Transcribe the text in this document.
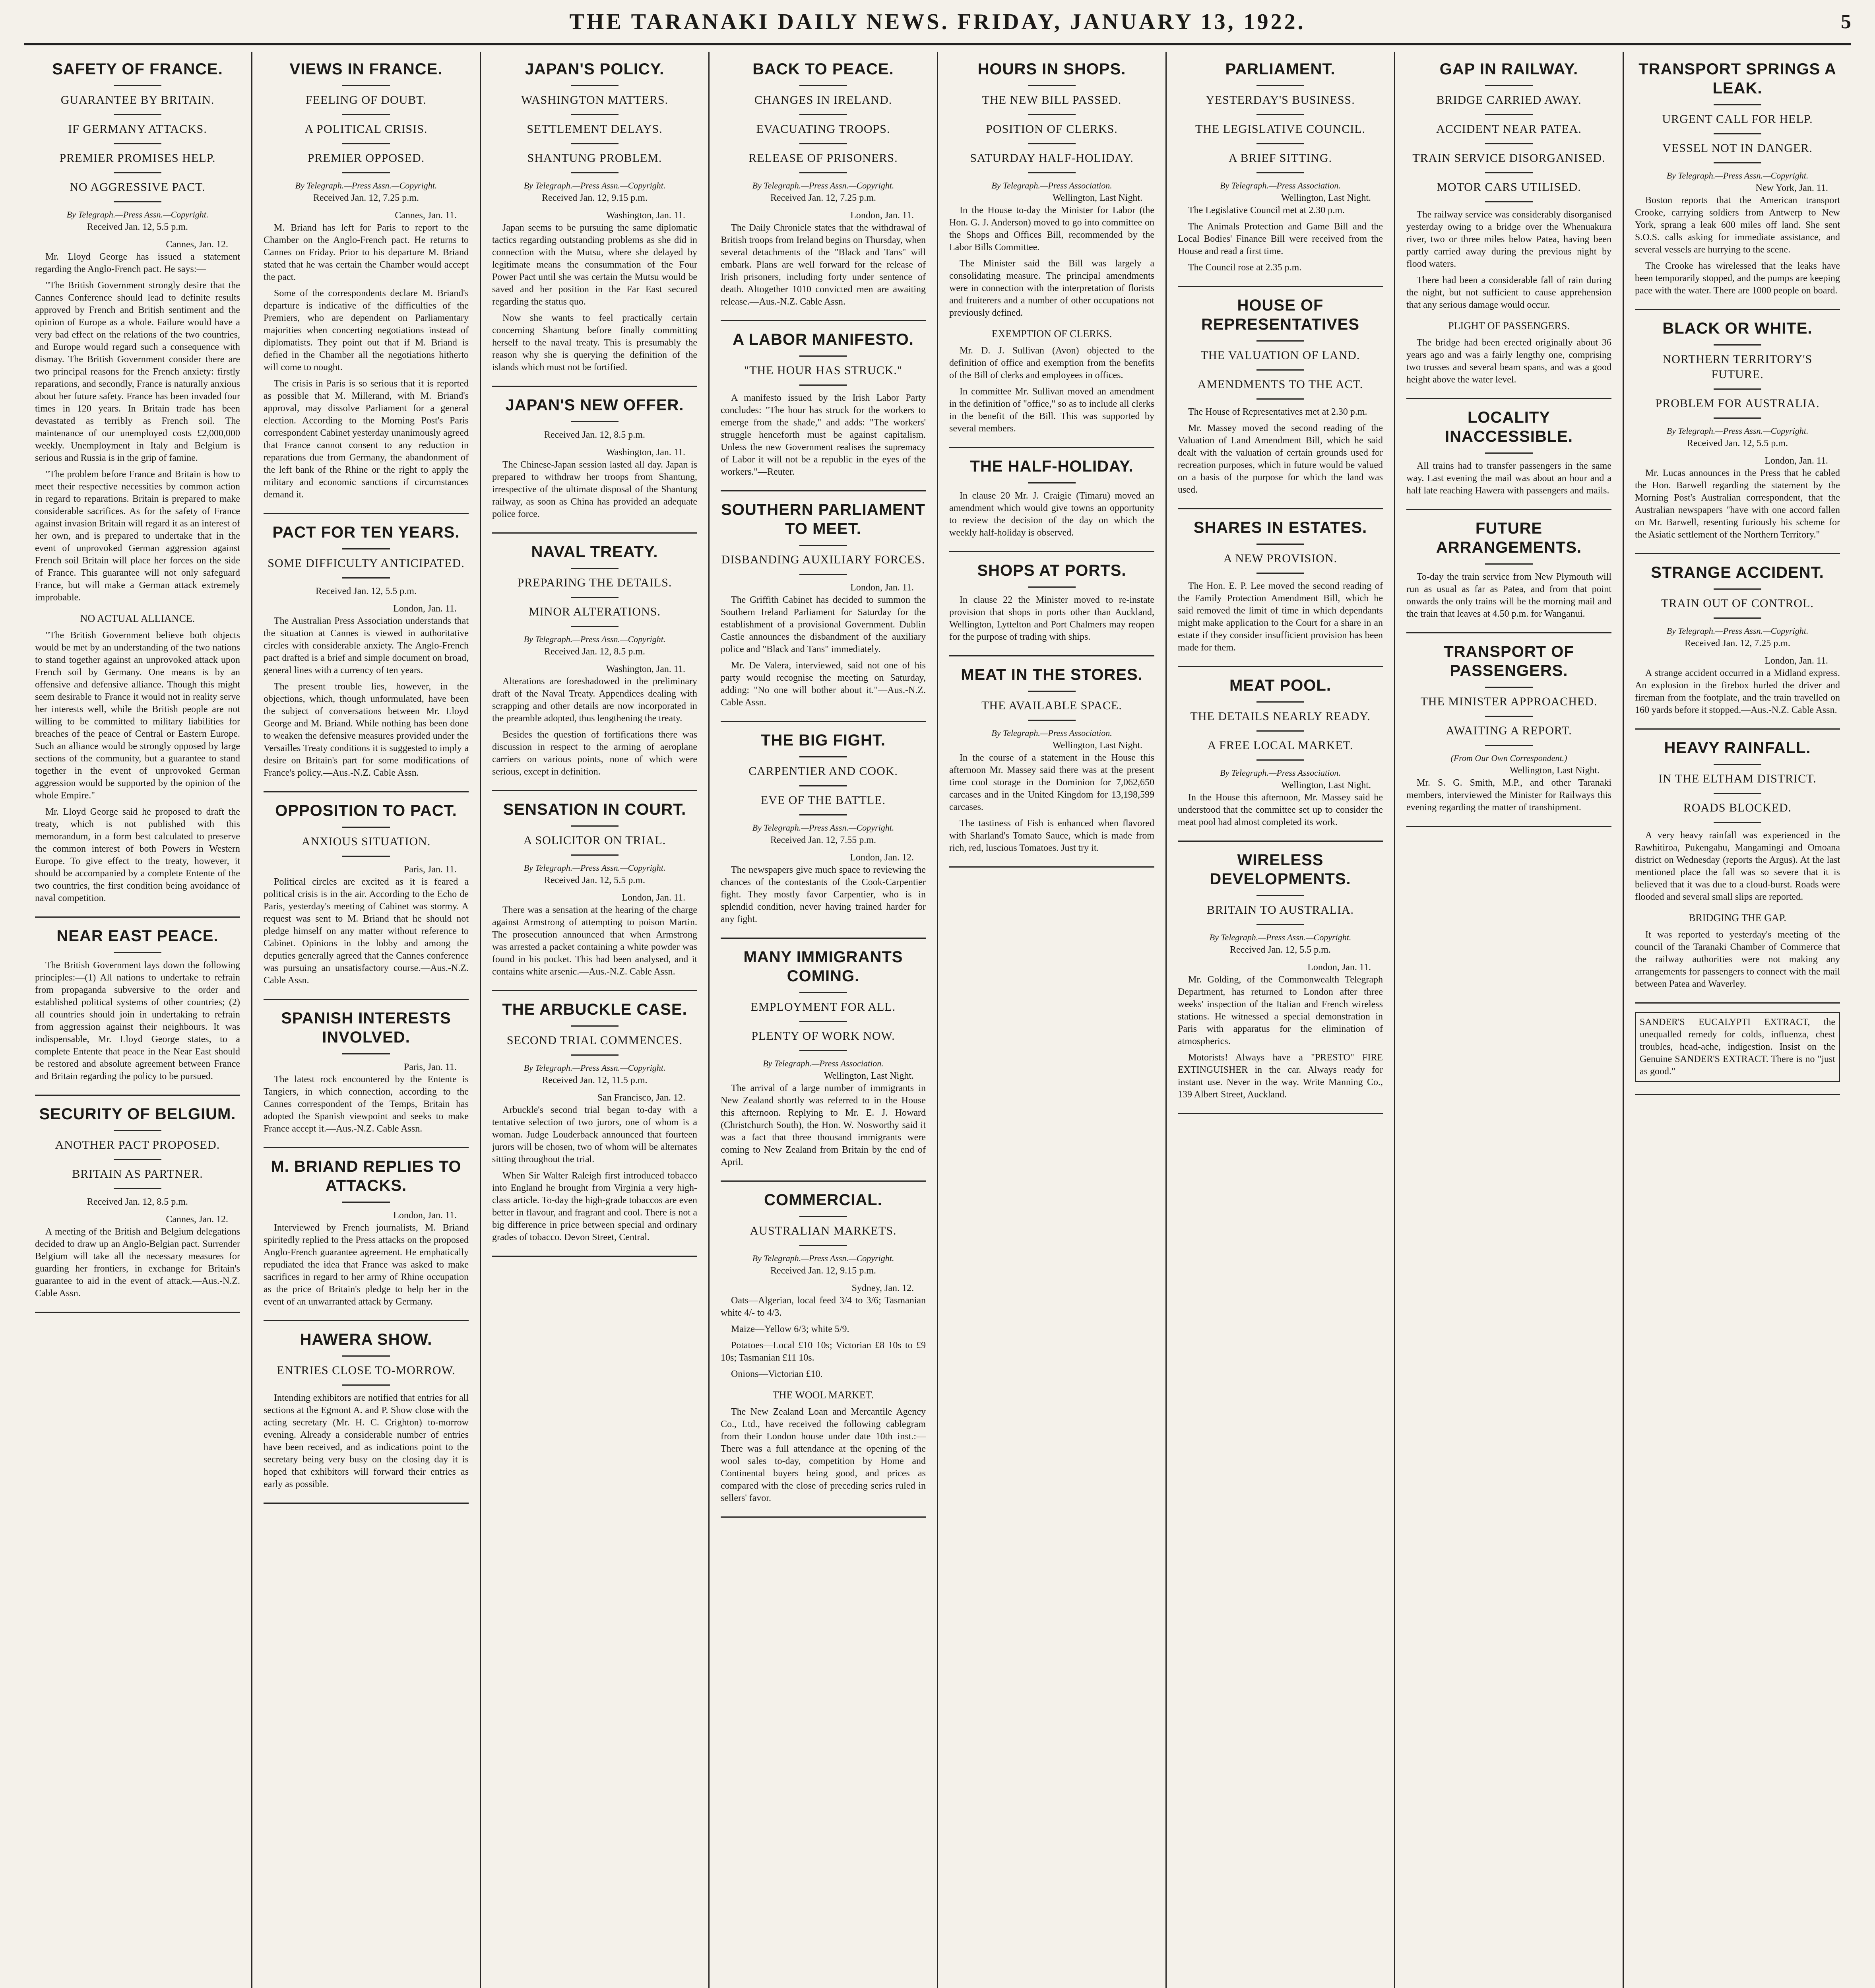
THE TARANAKI DAILY NEWS. FRIDAY, JANUARY 13, 1922.	5
SAFETY OF FRANCE.
GUARANTEE BY BRITAIN.
IF GERMANY ATTACKS.
PREMIER PROMISES HELP.
NO AGGRESSIVE PACT.
By Telegraph.—Press Assn.—Copyright.
Received Jan. 12, 5.5 p.m.
Cannes, Jan. 12.

Mr. Lloyd George has issued a statement regarding the Anglo-French pact. He says:—

"The British Government strongly desire that the Cannes Conference should lead to definite results approved by French and British sentiment and the opinion of Europe as a whole. Failure would have a very bad effect on the relations of the two countries, and Europe would regard such a consequence with dismay. The British Government consider there are two principal reasons for the French anxiety: firstly reparations, and secondly, France is naturally anxious about her future safety. France has been invaded four times in 120 years. In Britain trade has been devastated as terribly as French soil. The maintenance of our unemployed costs £2,000,000 weekly. Unemployment in Italy and Belgium is serious and Russia is in the grip of famine.

"The problem before France and Britain is how to meet their respective necessities by common action in regard to reparations. Britain is prepared to make considerable sacrifices. As for the safety of France against invasion Britain will regard it as an interest of her own, and is prepared to undertake that in the event of unprovoked German aggression against French soil Britain will place her forces on the side of France. This guarantee will not only safeguard France, but will make a German attack extremely improbable.

NO ACTUAL ALLIANCE.

"The British Government believe both objects would be met by an understanding of the two nations to stand together against an unprovoked attack upon French soil by Germany. One means is by an offensive and defensive alliance. Though this might seem desirable to France it would not in reality serve her interests well, while the British people are not willing to be committed to military liabilities for breaches of the peace of Central or Eastern Europe. Such an alliance would be strongly opposed by large sections of the community, but a guarantee to stand together in the event of unprovoked German aggression would be supported by the opinion of the whole Empire."

Mr. Lloyd George said he proposed to draft the treaty, which is not published with this memorandum, in a form best calculated to preserve the common interest of both Powers in Western Europe. To give effect to the treaty, however, it should be accompanied by a complete Entente of the two countries, the first condition being avoidance of naval competition.

NEAR EAST PEACE.

The British Government lays down the following principles:—(1) All nations to undertake to refrain from propaganda subversive to the order and established political systems of other countries; (2) all countries should join in undertaking to refrain from aggression against their neighbours. It was indispensable, Mr. Lloyd George states, to a complete Entente that peace in the Near East should be restored and absolute agreement between France and Britain regarding the policy to be pursued.

SECURITY OF BELGIUM.
ANOTHER PACT PROPOSED.
BRITAIN AS PARTNER.
Received Jan. 12, 8.5 p.m.
Cannes, Jan. 12.

A meeting of the British and Belgium delegations decided to draw up an Anglo-Belgian pact. Surrender Belgium will take all the necessary measures for guarding her frontiers, in exchange for Britain's guarantee to aid in the event of attack.—Aus.-N.Z. Cable Assn.

VIEWS IN FRANCE.
FEELING OF DOUBT.
A POLITICAL CRISIS.
PREMIER OPPOSED.
By Telegraph.—Press Assn.—Copyright.
Received Jan. 12, 7.25 p.m.
Cannes, Jan. 11.

M. Briand has left for Paris to report to the Chamber on the Anglo-French pact. He returns to Cannes on Friday. Prior to his departure M. Briand stated that he was certain the Chamber would accept the pact.

Some of the correspondents declare M. Briand's departure is indicative of the difficulties of the Premiers, who are dependent on Parliamentary majorities when concerting negotiations instead of diplomatists. They point out that if M. Briand is defied in the Chamber all the negotiations hitherto will come to nought.

The crisis in Paris is so serious that it is reported as possible that M. Millerand, with M. Briand's approval, may dissolve Parliament for a general election. According to the Morning Post's Paris correspondent Cabinet yesterday unanimously agreed that France cannot consent to any reduction in reparations due from Germany, the abandonment of the left bank of the Rhine or the right to apply the military and economic sanctions if circumstances demand it.

PACT FOR TEN YEARS.
SOME DIFFICULTY ANTICIPATED.
Received Jan. 12, 5.5 p.m.
London, Jan. 11.

The Australian Press Association understands that the situation at Cannes is viewed in authoritative circles with considerable anxiety. The Anglo-French pact drafted is a brief and simple document on broad, general lines with a currency of ten years.

The present trouble lies, however, in the objections, which, though unformulated, have been the subject of conversations between Mr. Lloyd George and M. Briand. While nothing has been done to weaken the defensive measures provided under the Versailles Treaty conditions it is suggested to imply a desire on Britain's part for some modifications of France's policy.—Aus.-N.Z. Cable Assn.

OPPOSITION TO PACT.
ANXIOUS SITUATION.
Paris, Jan. 11.

Political circles are excited as it is feared a political crisis is in the air. According to the Echo de Paris, yesterday's meeting of Cabinet was stormy. A request was sent to M. Briand that he should not pledge himself on any matter without reference to Cabinet. Opinions in the lobby and among the deputies generally agreed that the Cannes conference was pursuing an unsatisfactory course.—Aus.-N.Z. Cable Assn.

SPANISH INTERESTS INVOLVED.
Paris, Jan. 11.

The latest rock encountered by the Entente is Tangiers, in which connection, according to the Cannes correspondent of the Temps, Britain has adopted the Spanish viewpoint and seeks to make France accept it.—Aus.-N.Z. Cable Assn.

M. BRIAND REPLIES TO ATTACKS.
London, Jan. 11.

Interviewed by French journalists, M. Briand spiritedly replied to the Press attacks on the proposed Anglo-French guarantee agreement. He emphatically repudiated the idea that France was asked to make sacrifices in regard to her army of Rhine occupation as the price of Britain's pledge to help her in the event of an unwarranted attack by Germany.

HAWERA SHOW.
ENTRIES CLOSE TO-MORROW.

Intending exhibitors are notified that entries for all sections at the Egmont A. and P. Show close with the acting secretary (Mr. H. C. Crighton) to-morrow evening. Already a considerable number of entries have been received, and as indications point to the secretary being very busy on the closing day it is hoped that exhibitors will forward their entries as early as possible.

JAPAN'S POLICY.
WASHINGTON MATTERS.
SETTLEMENT DELAYS.
SHANTUNG PROBLEM.
By Telegraph.—Press Assn.—Copyright.
Received Jan. 12, 9.15 p.m.
Washington, Jan. 11.

Japan seems to be pursuing the same diplomatic tactics regarding outstanding problems as she did in connection with the Mutsu, where she delayed by legitimate means the consummation of the Four Power Pact until she was certain the Mutsu would be saved and her position in the Far East secured regarding the status quo.

Now she wants to feel practically certain concerning Shantung before finally committing herself to the naval treaty. This is presumably the reason why she is querying the definition of the islands which must not be fortified.

JAPAN'S NEW OFFER.
Received Jan. 12, 8.5 p.m.
Washington, Jan. 11.

The Chinese-Japan session lasted all day. Japan is prepared to withdraw her troops from Shantung, irrespective of the ultimate disposal of the Shantung railway, as soon as China has provided an adequate police force.

NAVAL TREATY.
PREPARING THE DETAILS.
MINOR ALTERATIONS.
By Telegraph.—Press Assn.—Copyright.
Received Jan. 12, 8.5 p.m.
Washington, Jan. 11.

Alterations are foreshadowed in the preliminary draft of the Naval Treaty. Appendices dealing with scrapping and other details are now incorporated in the preamble adopted, thus lengthening the treaty.

Besides the question of fortifications there was discussion in respect to the arming of aeroplane carriers on various points, none of which were serious, except in definition.

SENSATION IN COURT.
A SOLICITOR ON TRIAL.
By Telegraph.—Press Assn.—Copyright.
Received Jan. 12, 5.5 p.m.
London, Jan. 11.

There was a sensation at the hearing of the charge against Armstrong of attempting to poison Martin. The prosecution announced that when Armstrong was arrested a packet containing a white powder was found in his pocket. This had been analysed, and it contains white arsenic.—Aus.-N.Z. Cable Assn.

THE ARBUCKLE CASE.
SECOND TRIAL COMMENCES.
By Telegraph.—Press Assn.—Copyright.
Received Jan. 12, 11.5 p.m.
San Francisco, Jan. 12.

Arbuckle's second trial began to-day with a tentative selection of two jurors, one of whom is a woman. Judge Louderback announced that fourteen jurors will be chosen, two of whom will be alternates sitting throughout the trial.

When Sir Walter Raleigh first introduced tobacco into England he brought from Virginia a very high-class article. To-day the high-grade tobaccos are even better in flavour, and fragrant and cool. There is not a big difference in price between special and ordinary grades of tobacco. Devon Street, Central.

BACK TO PEACE.
CHANGES IN IRELAND.
EVACUATING TROOPS.
RELEASE OF PRISONERS.
By Telegraph.—Press Assn.—Copyright.
Received Jan. 12, 7.25 p.m.
London, Jan. 11.

The Daily Chronicle states that the withdrawal of British troops from Ireland begins on Thursday, when several detachments of the "Black and Tans" will embark. Plans are well forward for the release of Irish prisoners, including forty under sentence of death. Altogether 1010 convicted men are awaiting release.—Aus.-N.Z. Cable Assn.

A LABOR MANIFESTO.
"THE HOUR HAS STRUCK."

A manifesto issued by the Irish Labor Party concludes: "The hour has struck for the workers to emerge from the shade," and adds: "The workers' struggle henceforth must be against capitalism. Unless the new Government realises the supremacy of Labor it will not be a republic in the eyes of the workers."—Reuter.

SOUTHERN PARLIAMENT TO MEET.
DISBANDING AUXILIARY FORCES.
London, Jan. 11.

The Griffith Cabinet has decided to summon the Southern Ireland Parliament for Saturday for the establishment of a provisional Government. Dublin Castle announces the disbandment of the auxiliary police and "Black and Tans" immediately.

Mr. De Valera, interviewed, said not one of his party would recognise the meeting on Saturday, adding: "No one will bother about it."—Aus.-N.Z. Cable Assn.

THE BIG FIGHT.
CARPENTIER AND COOK.
EVE OF THE BATTLE.
By Telegraph.—Press Assn.—Copyright.
Received Jan. 12, 7.55 p.m.
London, Jan. 12.

The newspapers give much space to reviewing the chances of the contestants of the Cook-Carpentier fight. They mostly favor Carpentier, who is in splendid condition, never having trained harder for any fight.

MANY IMMIGRANTS COMING.
EMPLOYMENT FOR ALL.
PLENTY OF WORK NOW.
By Telegraph.—Press Association.
Wellington, Last Night.

The arrival of a large number of immigrants in New Zealand shortly was referred to in the House this afternoon. Replying to Mr. E. J. Howard (Christchurch South), the Hon. W. Nosworthy said it was a fact that three thousand immigrants were coming to New Zealand from Britain by the end of April.

COMMERCIAL.
AUSTRALIAN MARKETS.
By Telegraph.—Press Assn.—Copyright.
Received Jan. 12, 9.15 p.m.
Sydney, Jan. 12.

Oats—Algerian, local feed 3/4 to 3/6; Tasmanian white 4/- to 4/3.

Maize—Yellow 6/3; white 5/9.

Potatoes—Local £10 10s; Victorian £8 10s to £9 10s; Tasmanian £11 10s.

Onions—Victorian £10.

THE WOOL MARKET.

The New Zealand Loan and Mercantile Agency Co., Ltd., have received the following cablegram from their London house under date 10th inst.:—There was a full attendance at the opening of the wool sales to-day, competition by Home and Continental buyers being good, and prices as compared with the close of preceding series ruled in sellers' favor.

HOURS IN SHOPS.
THE NEW BILL PASSED.
POSITION OF CLERKS.
SATURDAY HALF-HOLIDAY.
By Telegraph.—Press Association.
Wellington, Last Night.

In the House to-day the Minister for Labor (the Hon. G. J. Anderson) moved to go into committee on the Shops and Offices Bill, recommended by the Labor Bills Committee.

The Minister said the Bill was largely a consolidating measure. The principal amendments were in connection with the interpretation of florists and fruiterers and a number of other occupations not previously defined.

EXEMPTION OF CLERKS.

Mr. D. J. Sullivan (Avon) objected to the definition of office and exemption from the benefits of the Bill of clerks and employees in offices.

In committee Mr. Sullivan moved an amendment in the definition of "office," so as to include all clerks in the benefit of the Bill. This was supported by several members.

THE HALF-HOLIDAY.

In clause 20 Mr. J. Craigie (Timaru) moved an amendment which would give towns an opportunity to review the decision of the day on which the weekly half-holiday is observed.

SHOPS AT PORTS.

In clause 22 the Minister moved to re-instate provision that shops in ports other than Auckland, Wellington, Lyttelton and Port Chalmers may reopen for the purpose of trading with ships.

MEAT IN THE STORES.
THE AVAILABLE SPACE.
By Telegraph.—Press Association.
Wellington, Last Night.

In the course of a statement in the House this afternoon Mr. Massey said there was at the present time cool storage in the Dominion for 7,062,650 carcases and in the United Kingdom for 13,198,599 carcases.

The tastiness of Fish is enhanced when flavored with Sharland's Tomato Sauce, which is made from rich, red, luscious Tomatoes. Just try it.

PARLIAMENT.
YESTERDAY'S BUSINESS.
THE LEGISLATIVE COUNCIL.
A BRIEF SITTING.
By Telegraph.—Press Association.
Wellington, Last Night.

The Legislative Council met at 2.30 p.m.

The Animals Protection and Game Bill and the Local Bodies' Finance Bill were received from the House and read a first time.

The Council rose at 2.35 p.m.

HOUSE OF REPRESENTATIVES
THE VALUATION OF LAND.
AMENDMENTS TO THE ACT.

The House of Representatives met at 2.30 p.m.

Mr. Massey moved the second reading of the Valuation of Land Amendment Bill, which he said dealt with the valuation of certain grounds used for recreation purposes, which in future would be valued on a basis of the purpose for which the land was used.

SHARES IN ESTATES.
A NEW PROVISION.

The Hon. E. P. Lee moved the second reading of the Family Protection Amendment Bill, which he said removed the limit of time in which dependants might make application to the Court for a share in an estate if they consider insufficient provision has been made for them.

MEAT POOL.
THE DETAILS NEARLY READY.
A FREE LOCAL MARKET.
By Telegraph.—Press Association.
Wellington, Last Night.

In the House this afternoon, Mr. Massey said he understood that the committee set up to consider the meat pool had almost completed its work.

WIRELESS DEVELOPMENTS.
BRITAIN TO AUSTRALIA.
By Telegraph.—Press Assn.—Copyright.
Received Jan. 12, 5.5 p.m.
London, Jan. 11.

Mr. Golding, of the Commonwealth Telegraph Department, has returned to London after three weeks' inspection of the Italian and French wireless stations. He witnessed a special demonstration in Paris with apparatus for the elimination of atmospherics.

Motorists! Always have a "PRESTO" FIRE EXTINGUISHER in the car. Always ready for instant use. Never in the way. Write Manning Co., 139 Albert Street, Auckland.

GAP IN RAILWAY.
BRIDGE CARRIED AWAY.
ACCIDENT NEAR PATEA.
TRAIN SERVICE DISORGANISED.
MOTOR CARS UTILISED.

The railway service was considerably disorganised yesterday owing to a bridge over the Whenuakura river, two or three miles below Patea, having been partly carried away during the previous night by flood waters.

There had been a considerable fall of rain during the night, but not sufficient to cause apprehension that any serious damage would occur.

PLIGHT OF PASSENGERS.

The bridge had been erected originally about 36 years ago and was a fairly lengthy one, comprising two trusses and several beam spans, and was a good height above the water level.

LOCALITY INACCESSIBLE.

All trains had to transfer passengers in the same way. Last evening the mail was about an hour and a half late reaching Hawera with passengers and mails.

FUTURE ARRANGEMENTS.

To-day the train service from New Plymouth will run as usual as far as Patea, and from that point onwards the only trains will be the morning mail and the train that leaves at 4.50 p.m. for Wanganui.

TRANSPORT OF PASSENGERS.
THE MINISTER APPROACHED.
AWAITING A REPORT.
(From Our Own Correspondent.)
Wellington, Last Night.

Mr. S. G. Smith, M.P., and other Taranaki members, interviewed the Minister for Railways this evening regarding the matter of transhipment.

TRANSPORT SPRINGS A LEAK.
URGENT CALL FOR HELP.
VESSEL NOT IN DANGER.
By Telegraph.—Press Assn.—Copyright.
New York, Jan. 11.

Boston reports that the American transport Crooke, carrying soldiers from Antwerp to New York, sprang a leak 600 miles off land. She sent S.O.S. calls asking for immediate assistance, and several vessels are hurrying to the scene.

The Crooke has wirelessed that the leaks have been temporarily stopped, and the pumps are keeping pace with the water. There are 1000 people on board.

BLACK OR WHITE.
NORTHERN TERRITORY'S FUTURE.
PROBLEM FOR AUSTRALIA.
By Telegraph.—Press Assn.—Copyright.
Received Jan. 12, 5.5 p.m.
London, Jan. 11.

Mr. Lucas announces in the Press that he cabled the Hon. Barwell regarding the statement by the Morning Post's Australian correspondent, that the Australian newspapers "have with one accord fallen on Mr. Barwell, resenting furiously his scheme for the Asiatic settlement of the Northern Territory."

STRANGE ACCIDENT.
TRAIN OUT OF CONTROL.
By Telegraph.—Press Assn.—Copyright.
Received Jan. 12, 7.25 p.m.
London, Jan. 11.

A strange accident occurred in a Midland express. An explosion in the firebox hurled the driver and fireman from the footplate, and the train travelled on 160 yards before it stopped.—Aus.-N.Z. Cable Assn.

HEAVY RAINFALL.
IN THE ELTHAM DISTRICT.
ROADS BLOCKED.

A very heavy rainfall was experienced in the Rawhitiroa, Pukengahu, Mangamingi and Omoana district on Wednesday (reports the Argus). At the last mentioned place the fall was so severe that it is believed that it was due to a cloud-burst. Roads were flooded and several small slips are reported.

BRIDGING THE GAP.

It was reported to yesterday's meeting of the council of the Taranaki Chamber of Commerce that the railway authorities were not making any arrangements for passengers to connect with the mail between Patea and Waverley.

SANDER'S EUCALYPTI EXTRACT, the unequalled remedy for colds, influenza, chest troubles, head-ache, indigestion. Insist on the Genuine SANDER'S EXTRACT. There is no "just as good."
